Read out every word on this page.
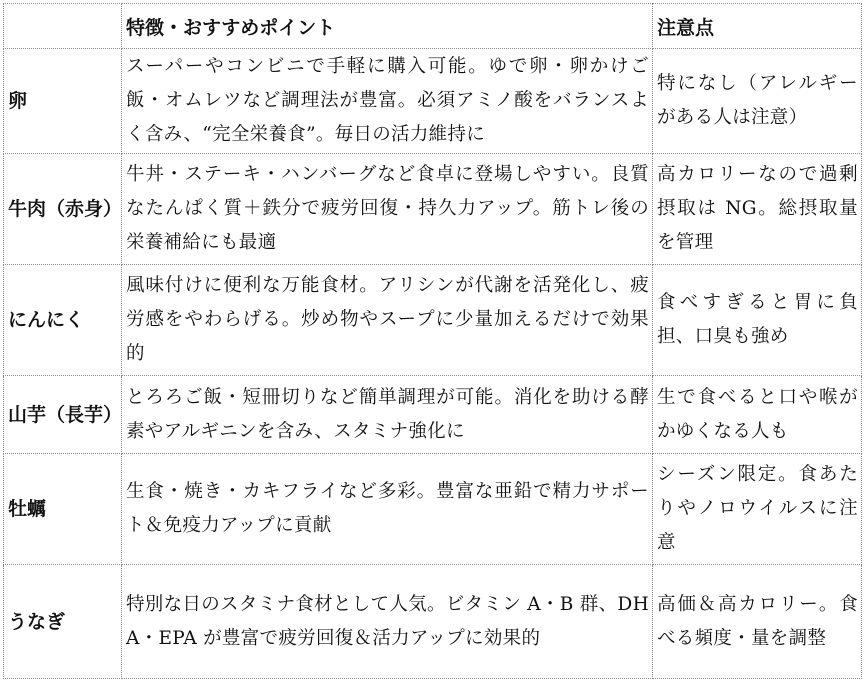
	特徴・おすすめポイント	注意点
卵	スーパーやコンビニで手軽に購入可能。ゆで卵・卵かけご飯・オムレツなど調理法が豊富。必須アミノ酸をバランスよく含み、“完全栄養食”。毎日の活力維持に	特になし（アレルギーがある人は注意）
牛肉（赤身）	牛丼・ステーキ・ハンバーグなど食卓に登場しやすい。良質なたんぱく質＋鉄分で疲労回復・持久力アップ。筋トレ後の栄養補給にも最適	高カロリーなので過剰摂取は NG。総摂取量を管理
にんにく	風味付けに便利な万能食材。アリシンが代謝を活発化し、疲労感をやわらげる。炒め物やスープに少量加えるだけで効果的	食べすぎると胃に負担、口臭も強め
山芋（長芋）	とろろご飯・短冊切りなど簡単調理が可能。消化を助ける酵素やアルギニンを含み、スタミナ強化に	生で食べると口や喉がかゆくなる人も
牡蠣	生食・焼き・カキフライなど多彩。豊富な亜鉛で精力サポート＆免疫力アップに貢献	シーズン限定。食あたりやノロウイルスに注意
うなぎ	特別な日のスタミナ食材として人気。ビタミン A・B 群、DHA・EPA が豊富で疲労回復＆活力アップに効果的	高価＆高カロリー。食べる頻度・量を調整
